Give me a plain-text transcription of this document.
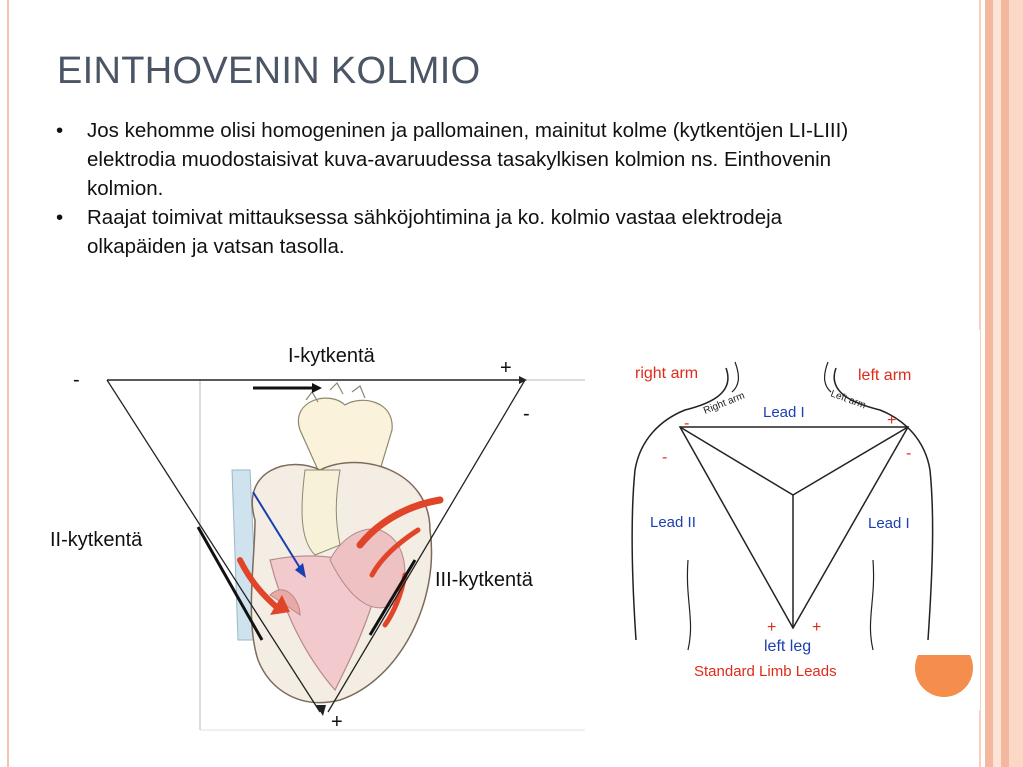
EINTHOVENIN KOLMIO
• Jos kehomme olisi homogeninen ja pallomainen, mainitut kolme (kytkentöjen LI-LIII) elektrodia muodostaisivat kuva-avaruudessa tasakylkisen kolmion ns. Einthovenin kolmion.
• Raajat toimivat mittauksessa sähköjohtimina ja ko. kolmio vastaa elektrodeja olkapäiden ja vatsan tasolla.
I-kytkentä
II-kytkentä
III-kytkentä
-
+
-
+
right arm	left arm
Right arm	Left arm
Lead I
Lead II	Lead I
left leg
Standard Limb Leads
-
-
+
-
+ +
